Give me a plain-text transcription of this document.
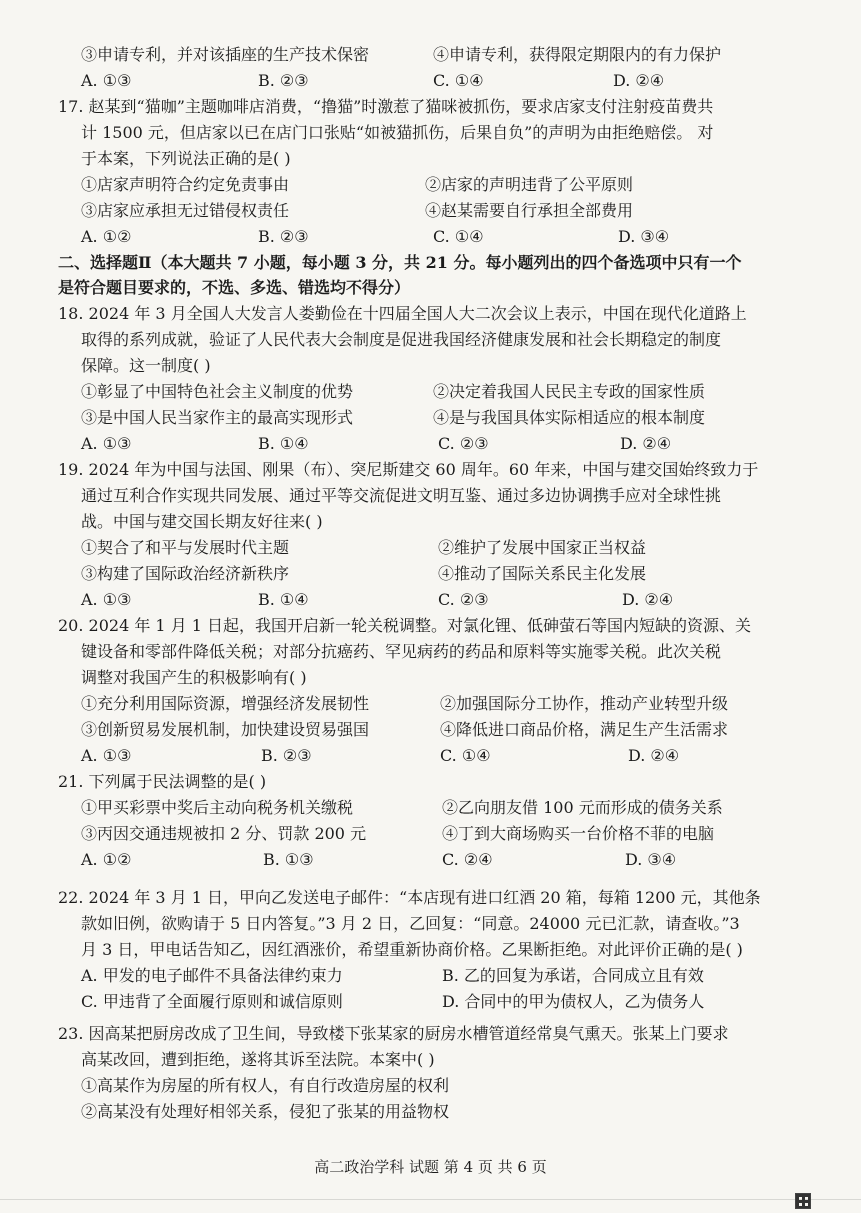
③申请专利，并对该插座的生产技术保密	④申请专利，获得限定期限内的有力保护
A. ①③	B. ②③	C. ①④	D. ②④
17. 赵某到“猫咖”主题咖啡店消费，“撸猫”时激惹了猫咪被抓伤，要求店家支付注射疫苗费共
计 1500 元，但店家以已在店门口张贴“如被猫抓伤，后果自负”的声明为由拒绝赔偿。 对
于本案，下列说法正确的是( )
①店家声明符合约定免责事由	②店家的声明违背了公平原则
③店家应承担无过错侵权责任	④赵某需要自行承担全部费用
A. ①②	B. ②③	C. ①④	D. ③④
二、选择题Ⅱ（本大题共 7 小题，每小题 3 分，共 21 分。每小题列出的四个备选项中只有一个
是符合题目要求的，不选、多选、错选均不得分）
18. 2024 年 3 月全国人大发言人娄勤俭在十四届全国人大二次会议上表示，中国在现代化道路上
取得的系列成就，验证了人民代表大会制度是促进我国经济健康发展和社会长期稳定的制度
保障。这一制度( )
①彰显了中国特色社会主义制度的优势	②决定着我国人民民主专政的国家性质
③是中国人民当家作主的最高实现形式	④是与我国具体实际相适应的根本制度
A. ①③	B. ①④	C. ②③	D. ②④
19. 2024 年为中国与法国、刚果（布）、突尼斯建交 60 周年。60 年来，中国与建交国始终致力于
通过互利合作实现共同发展、通过平等交流促进文明互鉴、通过多边协调携手应对全球性挑
战。中国与建交国长期友好往来( )
①契合了和平与发展时代主题	②维护了发展中国家正当权益
③构建了国际政治经济新秩序	④推动了国际关系民主化发展
A. ①③	B. ①④	C. ②③	D. ②④
20. 2024 年 1 月 1 日起，我国开启新一轮关税调整。对氯化锂、低砷萤石等国内短缺的资源、关
键设备和零部件降低关税；对部分抗癌药、罕见病药的药品和原料等实施零关税。此次关税
调整对我国产生的积极影响有( )
①充分利用国际资源，增强经济发展韧性	②加强国际分工协作，推动产业转型升级
③创新贸易发展机制，加快建设贸易强国	④降低进口商品价格，满足生产生活需求
A. ①③	B. ②③	C. ①④	D. ②④
21. 下列属于民法调整的是( )
①甲买彩票中奖后主动向税务机关缴税	②乙向朋友借 100 元而形成的债务关系
③丙因交通违规被扣 2 分、罚款 200 元	④丁到大商场购买一台价格不菲的电脑
A. ①②	B. ①③	C. ②④	D. ③④
22. 2024 年 3 月 1 日，甲向乙发送电子邮件：“本店现有进口红酒 20 箱，每箱 1200 元，其他条
款如旧例，欲购请于 5 日内答复。”3 月 2 日，乙回复：“同意。24000 元已汇款，请查收。”3
月 3 日，甲电话告知乙，因红酒涨价，希望重新协商价格。乙果断拒绝。对此评价正确的是( )
A. 甲发的电子邮件不具备法律约束力	B. 乙的回复为承诺，合同成立且有效
C. 甲违背了全面履行原则和诚信原则	D. 合同中的甲为债权人，乙为债务人
23. 因高某把厨房改成了卫生间，导致楼下张某家的厨房水槽管道经常臭气熏天。张某上门要求
高某改回，遭到拒绝，遂将其诉至法院。本案中( )
①高某作为房屋的所有权人，有自行改造房屋的权利
②高某没有处理好相邻关系，侵犯了张某的用益物权
高二政治学科 试题 第 4 页 共 6 页
